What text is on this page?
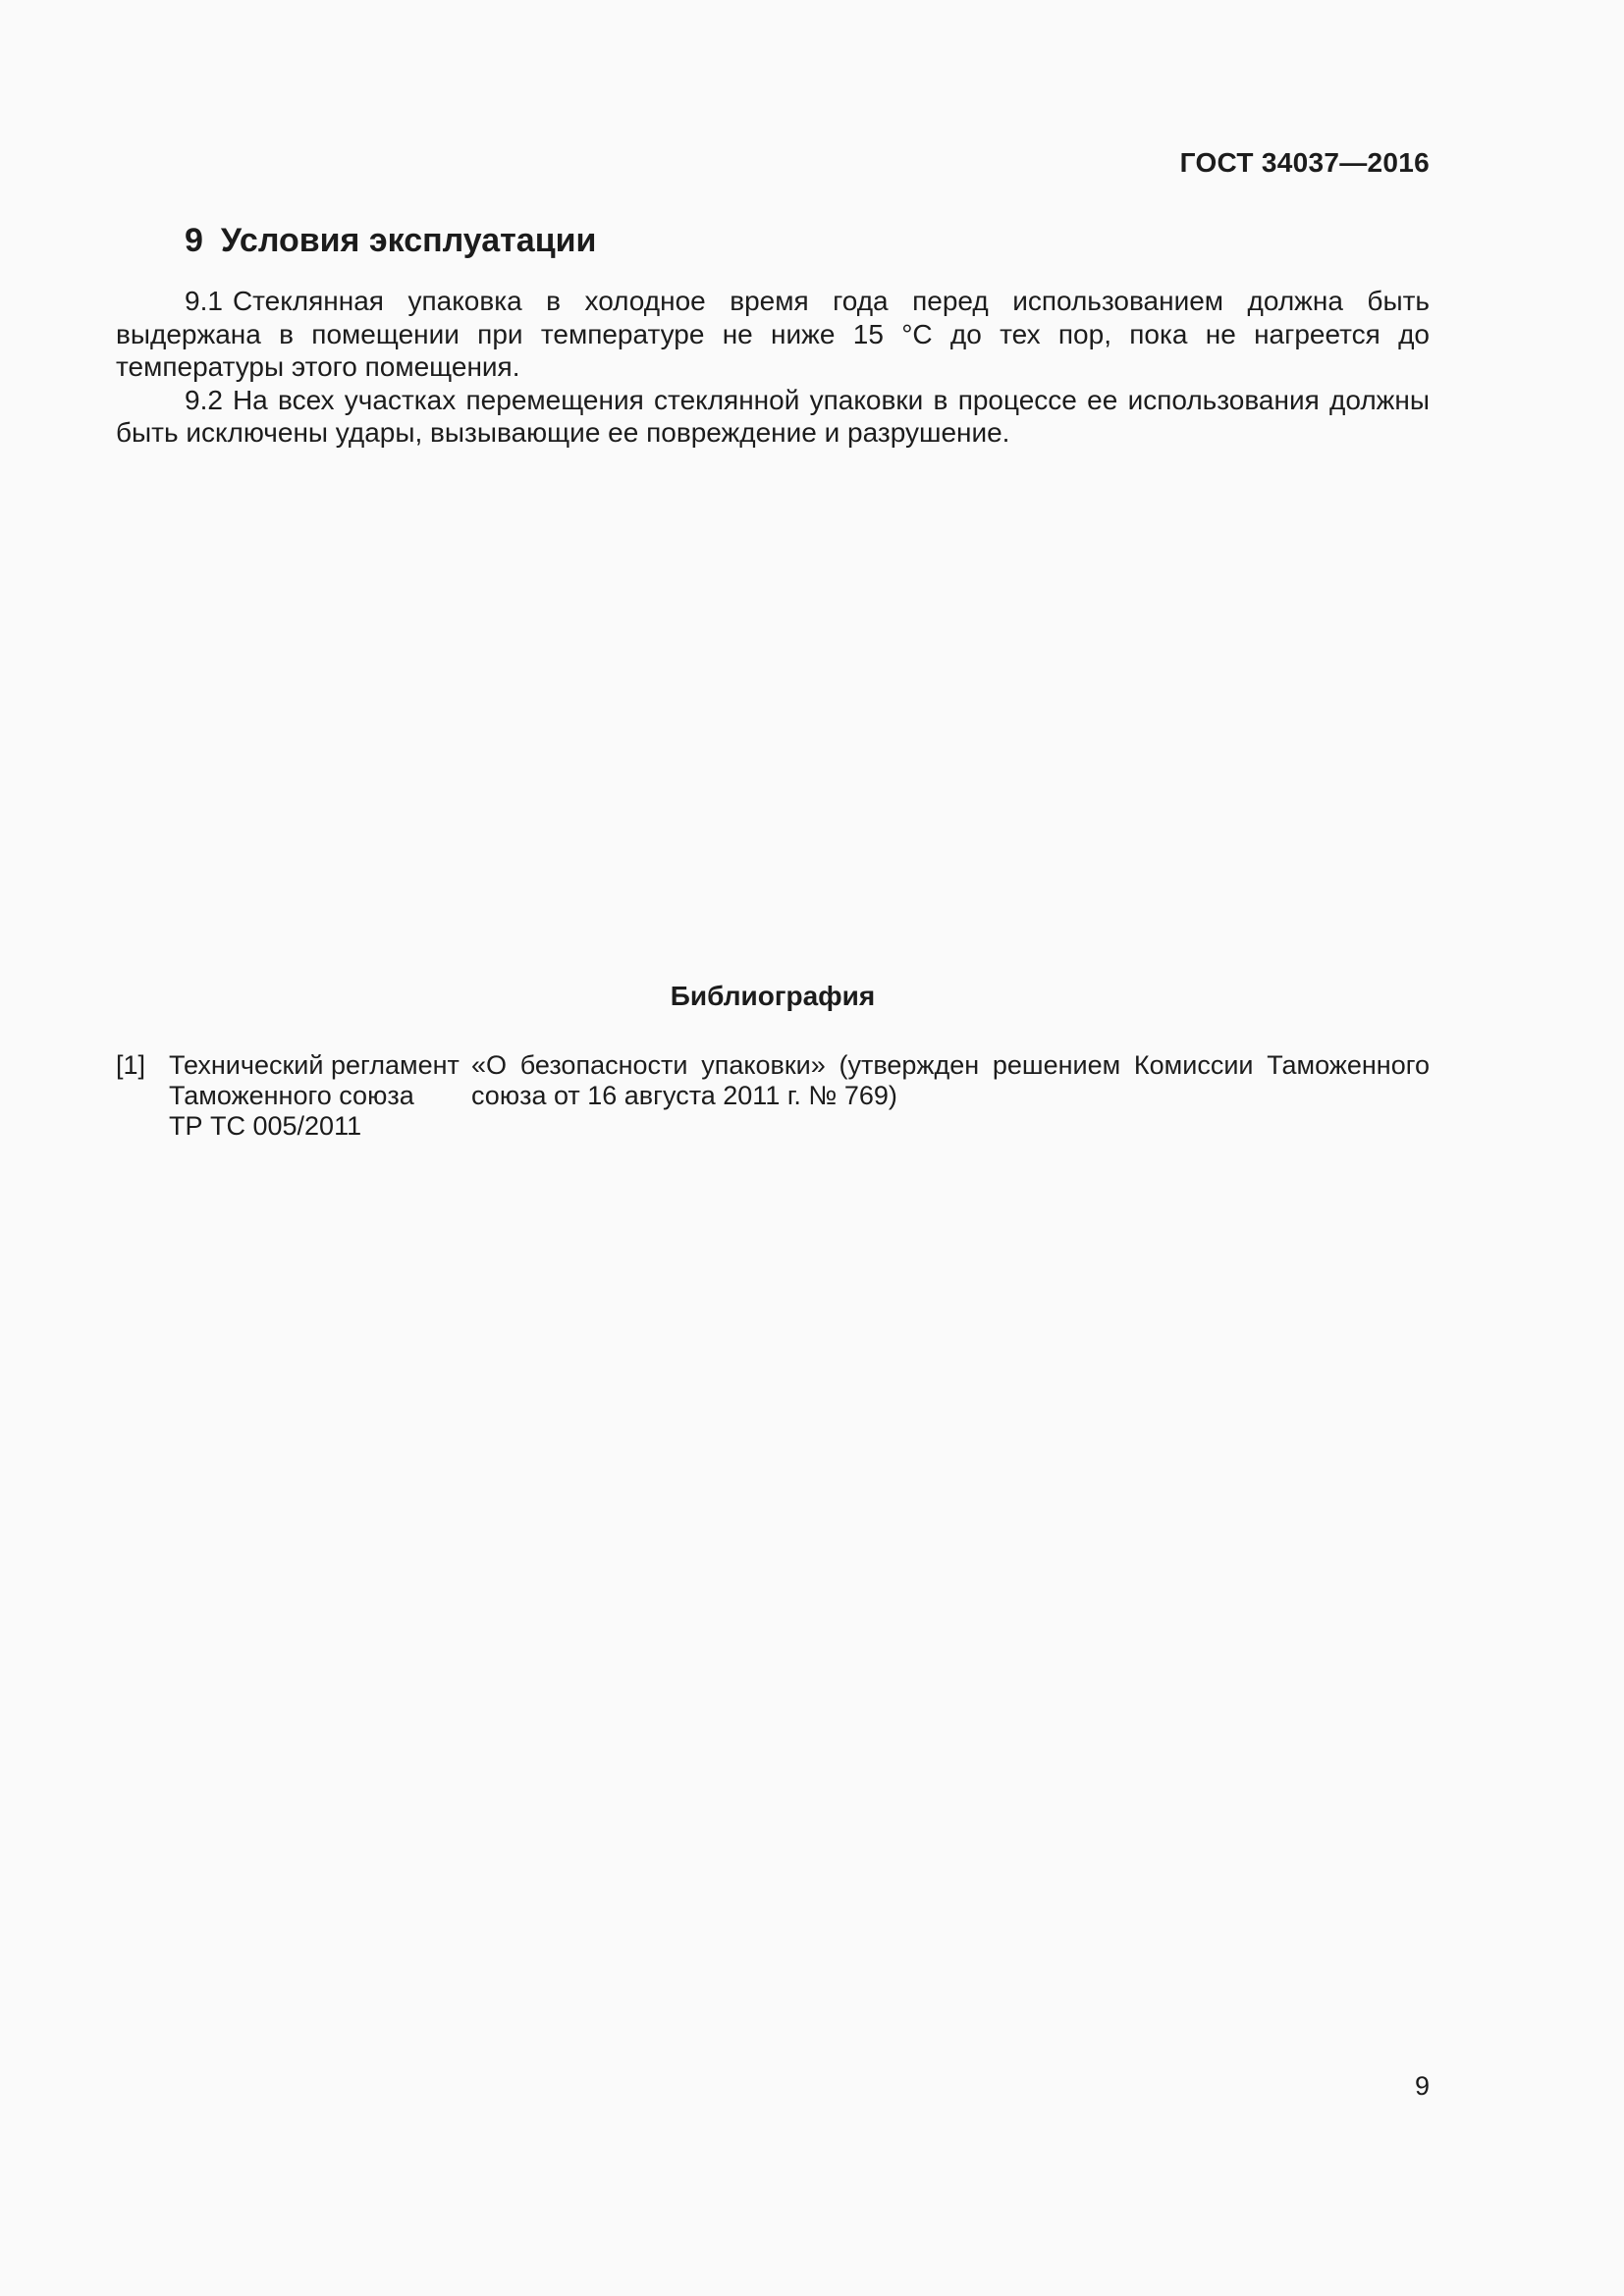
ГОСТ 34037—2016
9 Условия эксплуатации

9.1 Стеклянная упаковка в холодное время года перед использованием должна быть выдержана в помещении при температуре не ниже 15 °С до тех пор, пока не нагреется до температуры этого помещения.

9.2 На всех участках перемещения стеклянной упаковки в процессе ее использования должны быть исключены удары, вызывающие ее повреждение и разрушение.

Библиография
[1] Технический регламент
Таможенного союза
ТР ТС 005/2011
«О безопасности упаковки» (утвержден решением Комиссии Таможенного союза от 16 августа 2011 г. № 769)
9
